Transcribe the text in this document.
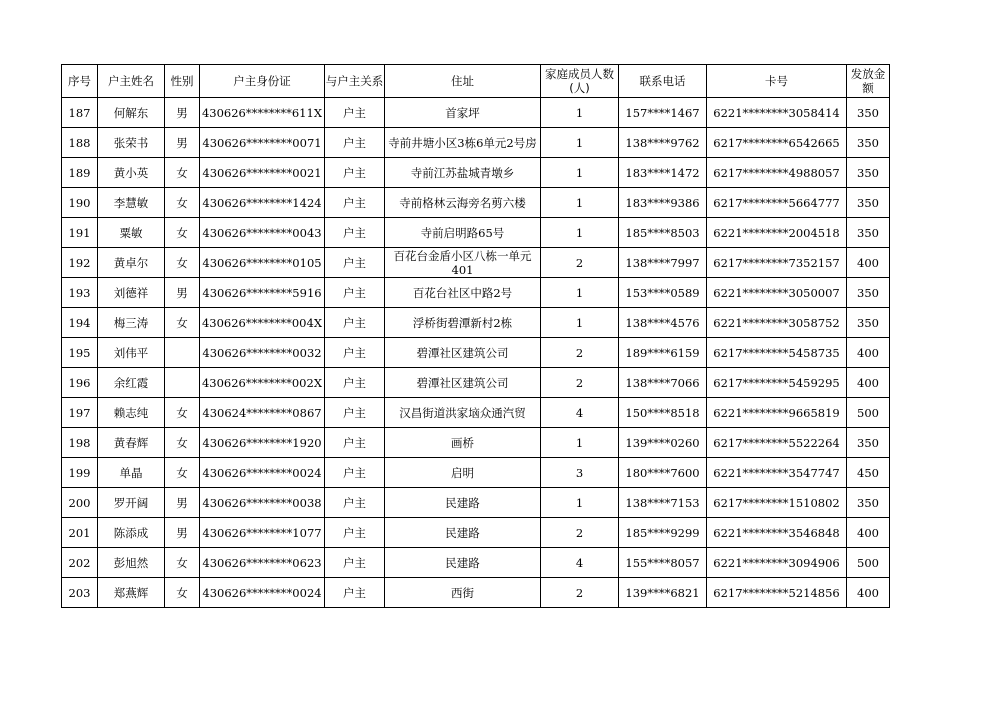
序号	户主姓名	性别	户主身份证	与户主关系	住址	家庭成员人数(人)	联系电话	卡号	发放金额
187	何解东	男	430626********611X	户主	首家坪	1	157****1467	6221********3058414	350
188	张荣书	男	430626********0071	户主	寺前井塘小区3栋6单元2号房	1	138****9762	6217********6542665	350
189	黄小英	女	430626********0021	户主	寺前江苏盐城青墩乡	1	183****1472	6217********4988057	350
190	李慧敏	女	430626********1424	户主	寺前格林云海旁名剪六楼	1	183****9386	6217********5664777	350
191	粟敏	女	430626********0043	户主	寺前启明路65号	1	185****8503	6221********2004518	350
192	黄卓尔	女	430626********0105	户主	百花台金盾小区八栋一单元401	2	138****7997	6217********7352157	400
193	刘德祥	男	430626********5916	户主	百花台社区中路2号	1	153****0589	6221********3050007	350
194	梅三涛	女	430626********004X	户主	浮桥街碧潭新村2栋	1	138****4576	6221********3058752	350
195	刘伟平		430626********0032	户主	碧潭社区建筑公司	2	189****6159	6217********5458735	400
196	余红霞		430626********002X	户主	碧潭社区建筑公司	2	138****7066	6217********5459295	400
197	赖志纯	女	430624********0867	户主	汉昌街道洪家垴众通汽贸	4	150****8518	6221********9665819	500
198	黄春辉	女	430626********1920	户主	画桥	1	139****0260	6217********5522264	350
199	单晶	女	430626********0024	户主	启明	3	180****7600	6221********3547747	450
200	罗开阔	男	430626********0038	户主	民建路	1	138****7153	6217********1510802	350
201	陈添成	男	430626********1077	户主	民建路	2	185****9299	6221********3546848	400
202	彭旭然	女	430626********0623	户主	民建路	4	155****8057	6221********3094906	500
203	郑燕辉	女	430626********0024	户主	西街	2	139****6821	6217********5214856	400
